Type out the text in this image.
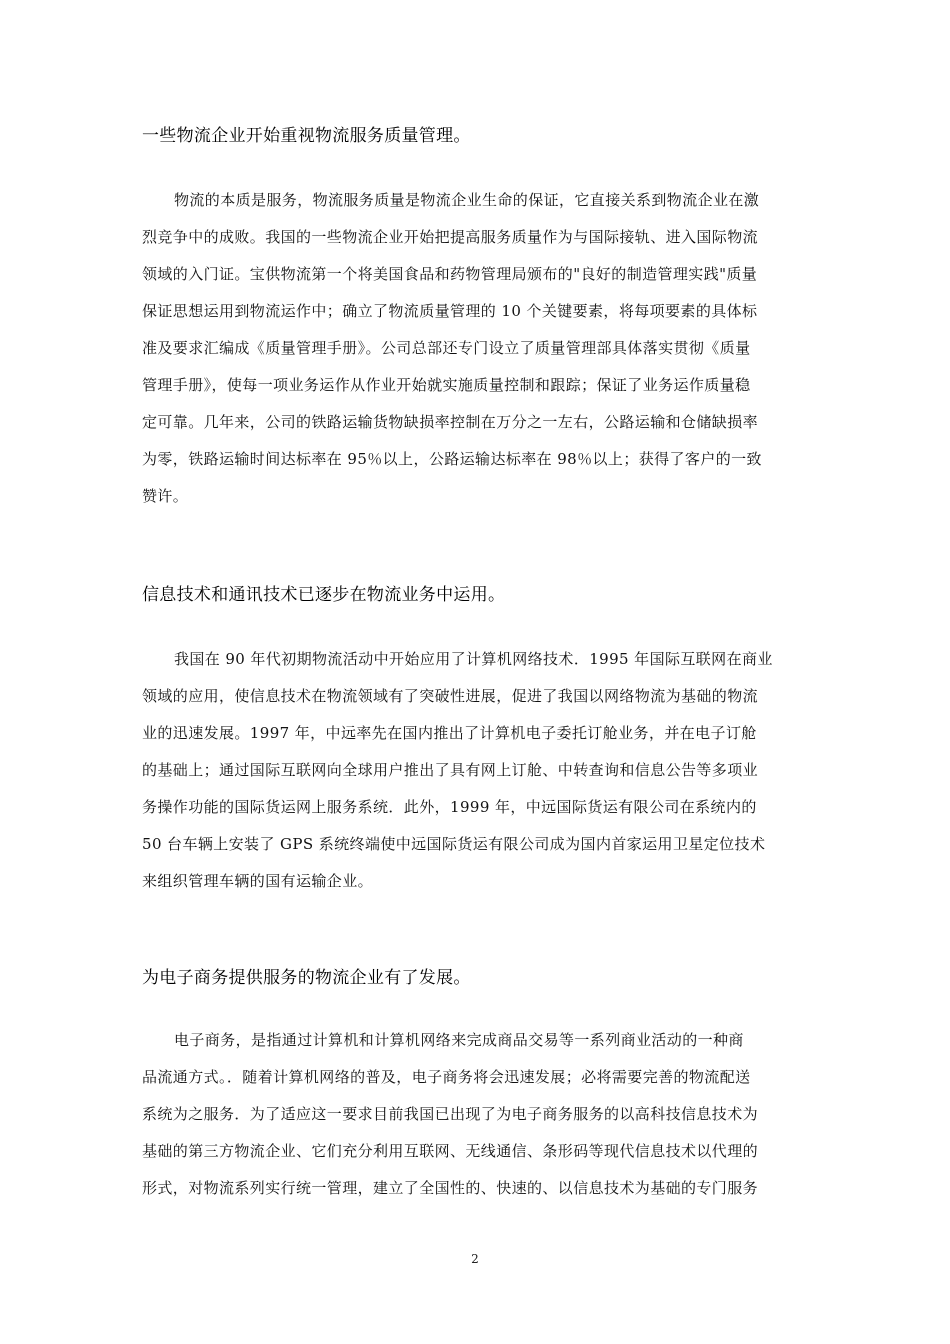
一些物流企业开始重视物流服务质量管理。
物流的本质是服务，物流服务质量是物流企业生命的保证，它直接关系到物流企业在激
烈竞争中的成败。我国的一些物流企业开始把提高服务质量作为与国际接轨、进入国际物流
领域的入门证。宝供物流第一个将美国食品和药物管理局颁布的"良好的制造管理实践"质量
保证思想运用到物流运作中；确立了物流质量管理的 10 个关键要素，将每项要素的具体标
准及要求汇编成《质量管理手册》。公司总部还专门设立了质量管理部具体落实贯彻《质量
管理手册》，使每一项业务运作从作业开始就实施质量控制和跟踪；保证了业务运作质量稳
定可靠。几年来，公司的铁路运输货物缺损率控制在万分之一左右，公路运输和仓储缺损率
为零，铁路运输时间达标率在 95％以上，公路运输达标率在 98％以上；获得了客户的一致
赞许。
信息技术和通讯技术已逐步在物流业务中运用。
我国在 90 年代初期物流活动中开始应用了计算机网络技术．1995 年国际互联网在商业
领域的应用，使信息技术在物流领域有了突破性进展，促进了我国以网络物流为基础的物流
业的迅速发展。1997 年，中远率先在国内推出了计算机电子委托订舱业务，并在电子订舱
的基础上；通过国际互联网向全球用户推出了具有网上订舱、中转查询和信息公告等多项业
务操作功能的国际货运网上服务系统．此外，1999 年，中远国际货运有限公司在系统内的
50 台车辆上安装了 GPS 系统终端使中远国际货运有限公司成为国内首家运用卫星定位技术
来组织管理车辆的国有运输企业。
为电子商务提供服务的物流企业有了发展。
电子商务，是指通过计算机和计算机网络来完成商品交易等一系列商业活动的一种商
品流通方式。．随着计算机网络的普及，电子商务将会迅速发展；必将需要完善的物流配送
系统为之服务．为了适应这一要求目前我国已出现了为电子商务服务的以高科技信息技术为
基础的第三方物流企业、它们充分利用互联网、无线通信、条形码等现代信息技术以代理的
形式，对物流系列实行统一管理，建立了全国性的、快速的、以信息技术为基础的专门服务
2
